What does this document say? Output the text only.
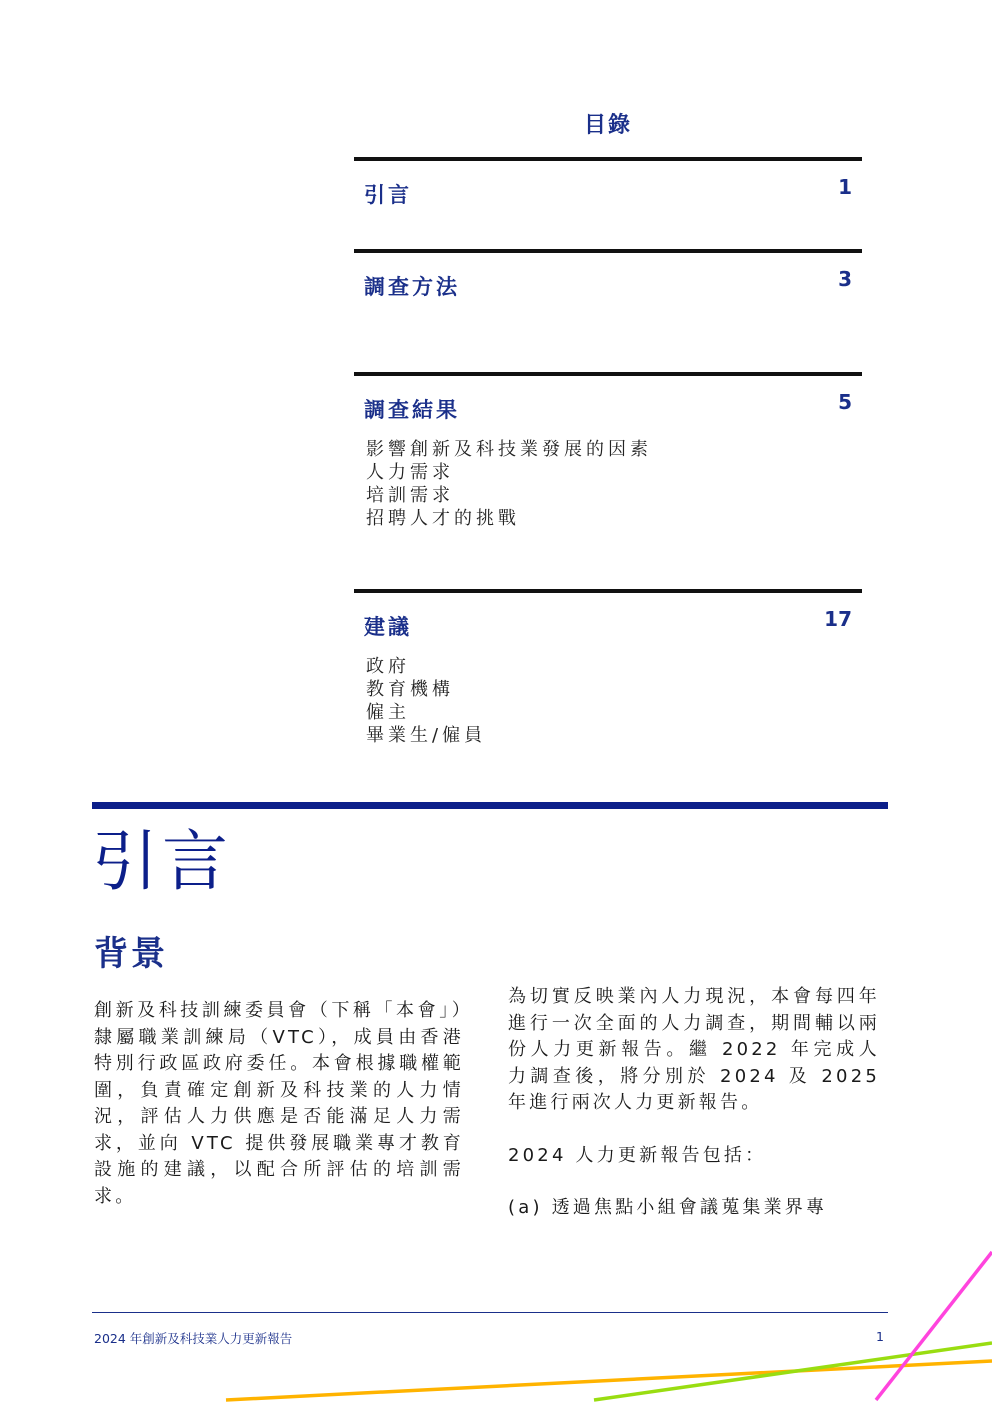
目錄
引言	1
調查方法	3
調查結果	5
影響創新及科技業發展的因素
人力需求
培訓需求
招聘人才的挑戰
建議	17
政府
教育機構
僱主
畢業生/僱員
引言
背景

創新及科技訓練委員會（下稱「本會」）隸屬職業訓練局（VTC），成員由香港特別行政區政府委任。本會根據職權範圍，負責確定創新及科技業的人力情況，評估人力供應是否能滿足人力需求，並向 VTC 提供發展職業專才教育設施的建議，以配合所評估的培訓需求。

為切實反映業內人力現況，本會每四年進行一次全面的人力調查，期間輔以兩份人力更新報告。繼 2022 年完成人力調查後，將分別於 2024 及 2025 年進行兩次人力更新報告。

2024 人力更新報告包括：

(a) 透過焦點小組會議蒐集業界專

2024 年創新及科技業人力更新報告	1
